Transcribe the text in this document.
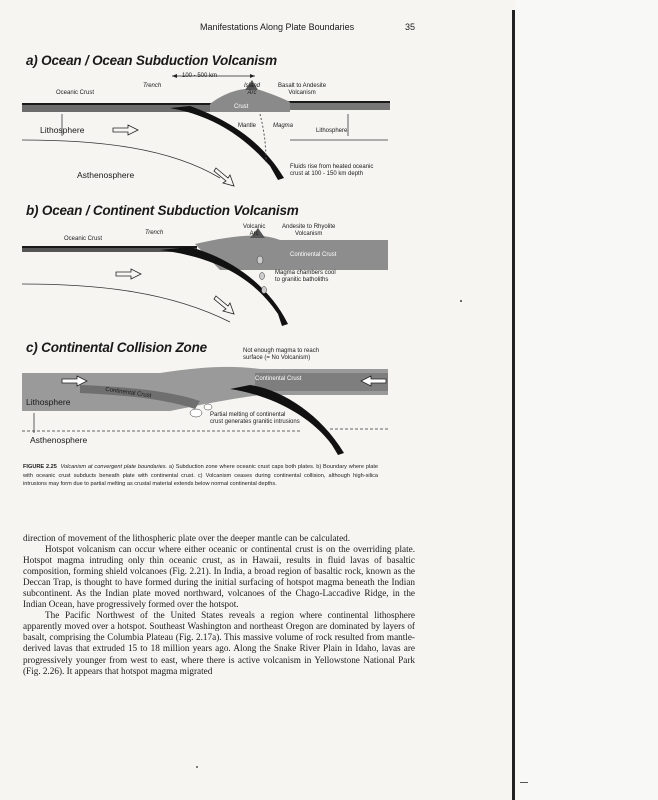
Manifestations Along Plate Boundaries	35
a) Ocean / Ocean Subduction Volcanism
100 - 500 km
Trench	Island
Arc
Basalt to Andesite
Volcanism
Oceanic Crust
Crust
Mantle	Magma
Lithosphere	Lithosphere
Asthenosphere
Fluids rise from heated oceanic
crust at 100 - 150 km depth
b) Ocean / Continent Subduction Volcanism
Oceanic Crust
Trench
Volcanic
Arc
Andesite to Rhyolite
Volcanism
Continental Crust
Magma chambers cool
to granitic batholiths
c) Continental Collision Zone	Not enough magma to reach
surface (= No Volcanism)
Continental Crust
Continental Crust
Lithosphere
Asthenosphere
Partial melting of continental
crust generates granitic intrusions
FIGURE 2.25 Volcanism at convergent plate boundaries. a) Subduction zone where oceanic crust caps both plates. b) Boundary where plate with oceanic crust subducts beneath plate with continental crust. c) Volcanism ceases during continental collision, although high-silica intrusions may form due to partial melting as crustal material extends below normal continental depths.

direction of movement of the lithospheric plate over the deeper mantle can be calculated.

Hotspot volcanism can occur where either oceanic or continental crust is on the overriding plate. Hotspot magma intruding only thin oceanic crust, as in Hawaii, results in fluid lavas of basaltic composition, forming shield volcanoes (Fig. 2.21). In India, a broad region of basaltic rock, known as the Deccan Trap, is thought to have formed during the initial surfacing of hotspot magma beneath the Indian subcontinent. As the Indian plate moved northward, volcanoes of the Chago-Laccadive Ridge, in the Indian Ocean, have progressively formed over the hotspot.

The Pacific Northwest of the United States reveals a region where continental lithosphere apparently moved over a hotspot. Southeast Washington and northeast Oregon are dominated by layers of basalt, comprising the Columbia Plateau (Fig. 2.17a). This massive volume of rock resulted from mantle-derived lavas that extruded 15 to 18 million years ago. Along the Snake River Plain in Idaho, lavas are progressively younger from west to east, where there is active volcanism in Yellowstone National Park (Fig. 2.26). It appears that hotspot magma migrated
